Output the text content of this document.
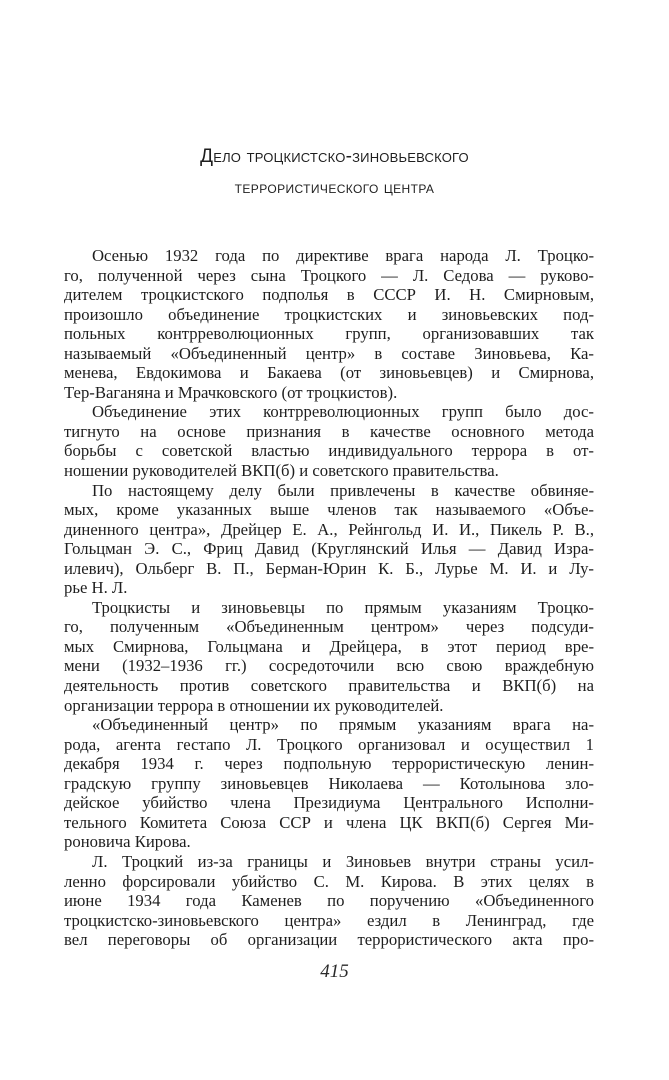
Дело троцкистско-зиновьевского
террористического центра
Осенью 1932 года по директиве врага народа Л. Троцко-
го, полученной через сына Троцкого — Л. Седова — руково-
дителем троцкистского подполья в СССР И. Н. Смирновым,
произошло объединение троцкистских и зиновьевских под-
польных контрреволюционных групп, организовавших так
называемый «Объединенный центр» в составе Зиновьева, Ка-
менева, Евдокимова и Бакаева (от зиновьевцев) и Смирнова,
Тер-Ваганяна и Мрачковского (от троцкистов).
Объединение этих контрреволюционных групп было дос-
тигнуто на основе признания в качестве основного метода
борьбы с советской властью индивидуального террора в от-
ношении руководителей ВКП(б) и советского правительства.
По настоящему делу были привлечены в качестве обвиняе-
мых, кроме указанных выше членов так называемого «Объе-
диненного центра», Дрейцер Е. А., Рейнгольд И. И., Пикель Р. В.,
Гольцман Э. С., Фриц Давид (Круглянский Илья — Давид Изра-
илевич), Ольберг В. П., Берман-Юрин К. Б., Лурье М. И. и Лу-
рье Н. Л.
Троцкисты и зиновьевцы по прямым указаниям Троцко-
го, полученным «Объединенным центром» через подсуди-
мых Смирнова, Гольцмана и Дрейцера, в этот период вре-
мени (1932–1936 гг.) сосредоточили всю свою враждебную
деятельность против советского правительства и ВКП(б) на
организации террора в отношении их руководителей.
«Объединенный центр» по прямым указаниям врага на-
рода, агента гестапо Л. Троцкого организовал и осуществил 1
декабря 1934 г. через подпольную террористическую ленин-
градскую группу зиновьевцев Николаева — Котолынова зло-
дейское убийство члена Президиума Центрального Исполни-
тельного Комитета Союза ССР и члена ЦК ВКП(б) Сергея Ми-
роновича Кирова.
Л. Троцкий из-за границы и Зиновьев внутри страны усил-
ленно форсировали убийство С. М. Кирова. В этих целях в
июне 1934 года Каменев по поручению «Объединенного
троцкистско-зиновьевского центра» ездил в Ленинград, где
вел переговоры об организации террористического акта про-
415
